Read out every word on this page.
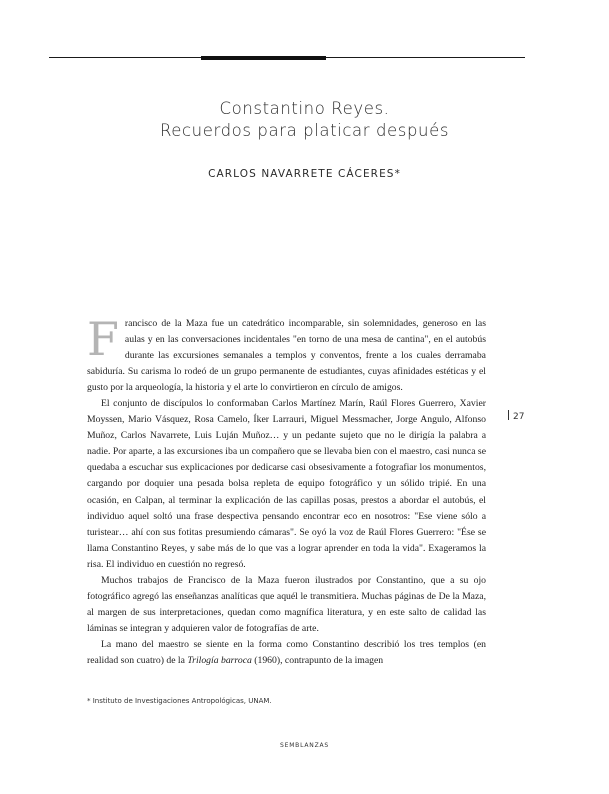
Constantino Reyes.
Recuerdos para platicar después
CARLOS NAVARRETE CÁCERES*

Francisco de la Maza fue un catedrático incomparable, sin solemnidades, generoso en las aulas y en las conversaciones incidentales "en torno de una mesa de cantina", en el autobús durante las excursiones semanales a templos y conventos, frente a los cuales derramaba sabiduría. Su carisma lo rodeó de un grupo permanente de estudiantes, cuyas afinidades estéticas y el gusto por la arqueología, la historia y el arte lo convirtieron en círculo de amigos.

El conjunto de discípulos lo conformaban Carlos Martínez Marín, Raúl Flores Guerrero, Xavier Moyssen, Mario Vásquez, Rosa Camelo, Íker Larrauri, Miguel Messmacher, Jorge Angulo, Alfonso Muñoz, Carlos Navarrete, Luis Luján Muñoz… y un pedante sujeto que no le dirigía la palabra a nadie. Por aparte, a las excursiones iba un compañero que se llevaba bien con el maestro, casi nunca se quedaba a escuchar sus explicaciones por dedicarse casi obsesivamente a fotografiar los monumentos, cargando por doquier una pesada bolsa repleta de equipo fotográfico y un sólido tripié. En una ocasión, en Calpan, al terminar la explicación de las capillas posas, prestos a abordar el autobús, el individuo aquel soltó una frase despectiva pensando encontrar eco en nosotros: "Ese viene sólo a turistear… ahí con sus fotitas presumiendo cámaras". Se oyó la voz de Raúl Flores Guerrero: "Ése se llama Constantino Reyes, y sabe más de lo que vas a lograr aprender en toda la vida". Exageramos la risa. El individuo en cuestión no regresó.

Muchos trabajos de Francisco de la Maza fueron ilustrados por Constantino, que a su ojo fotográfico agregó las enseñanzas analíticas que aquél le transmitiera. Muchas páginas de De la Maza, al margen de sus interpretaciones, quedan como magnífica literatura, y en este salto de calidad las láminas se integran y adquieren valor de fotografías de arte.

La mano del maestro se siente en la forma como Constantino describió los tres templos (en realidad son cuatro) de la Trilogía barroca (1960), contrapunto de la imagen

27
* Instituto de Investigaciones Antropológicas, UNAM.
SEMBLANZAS
